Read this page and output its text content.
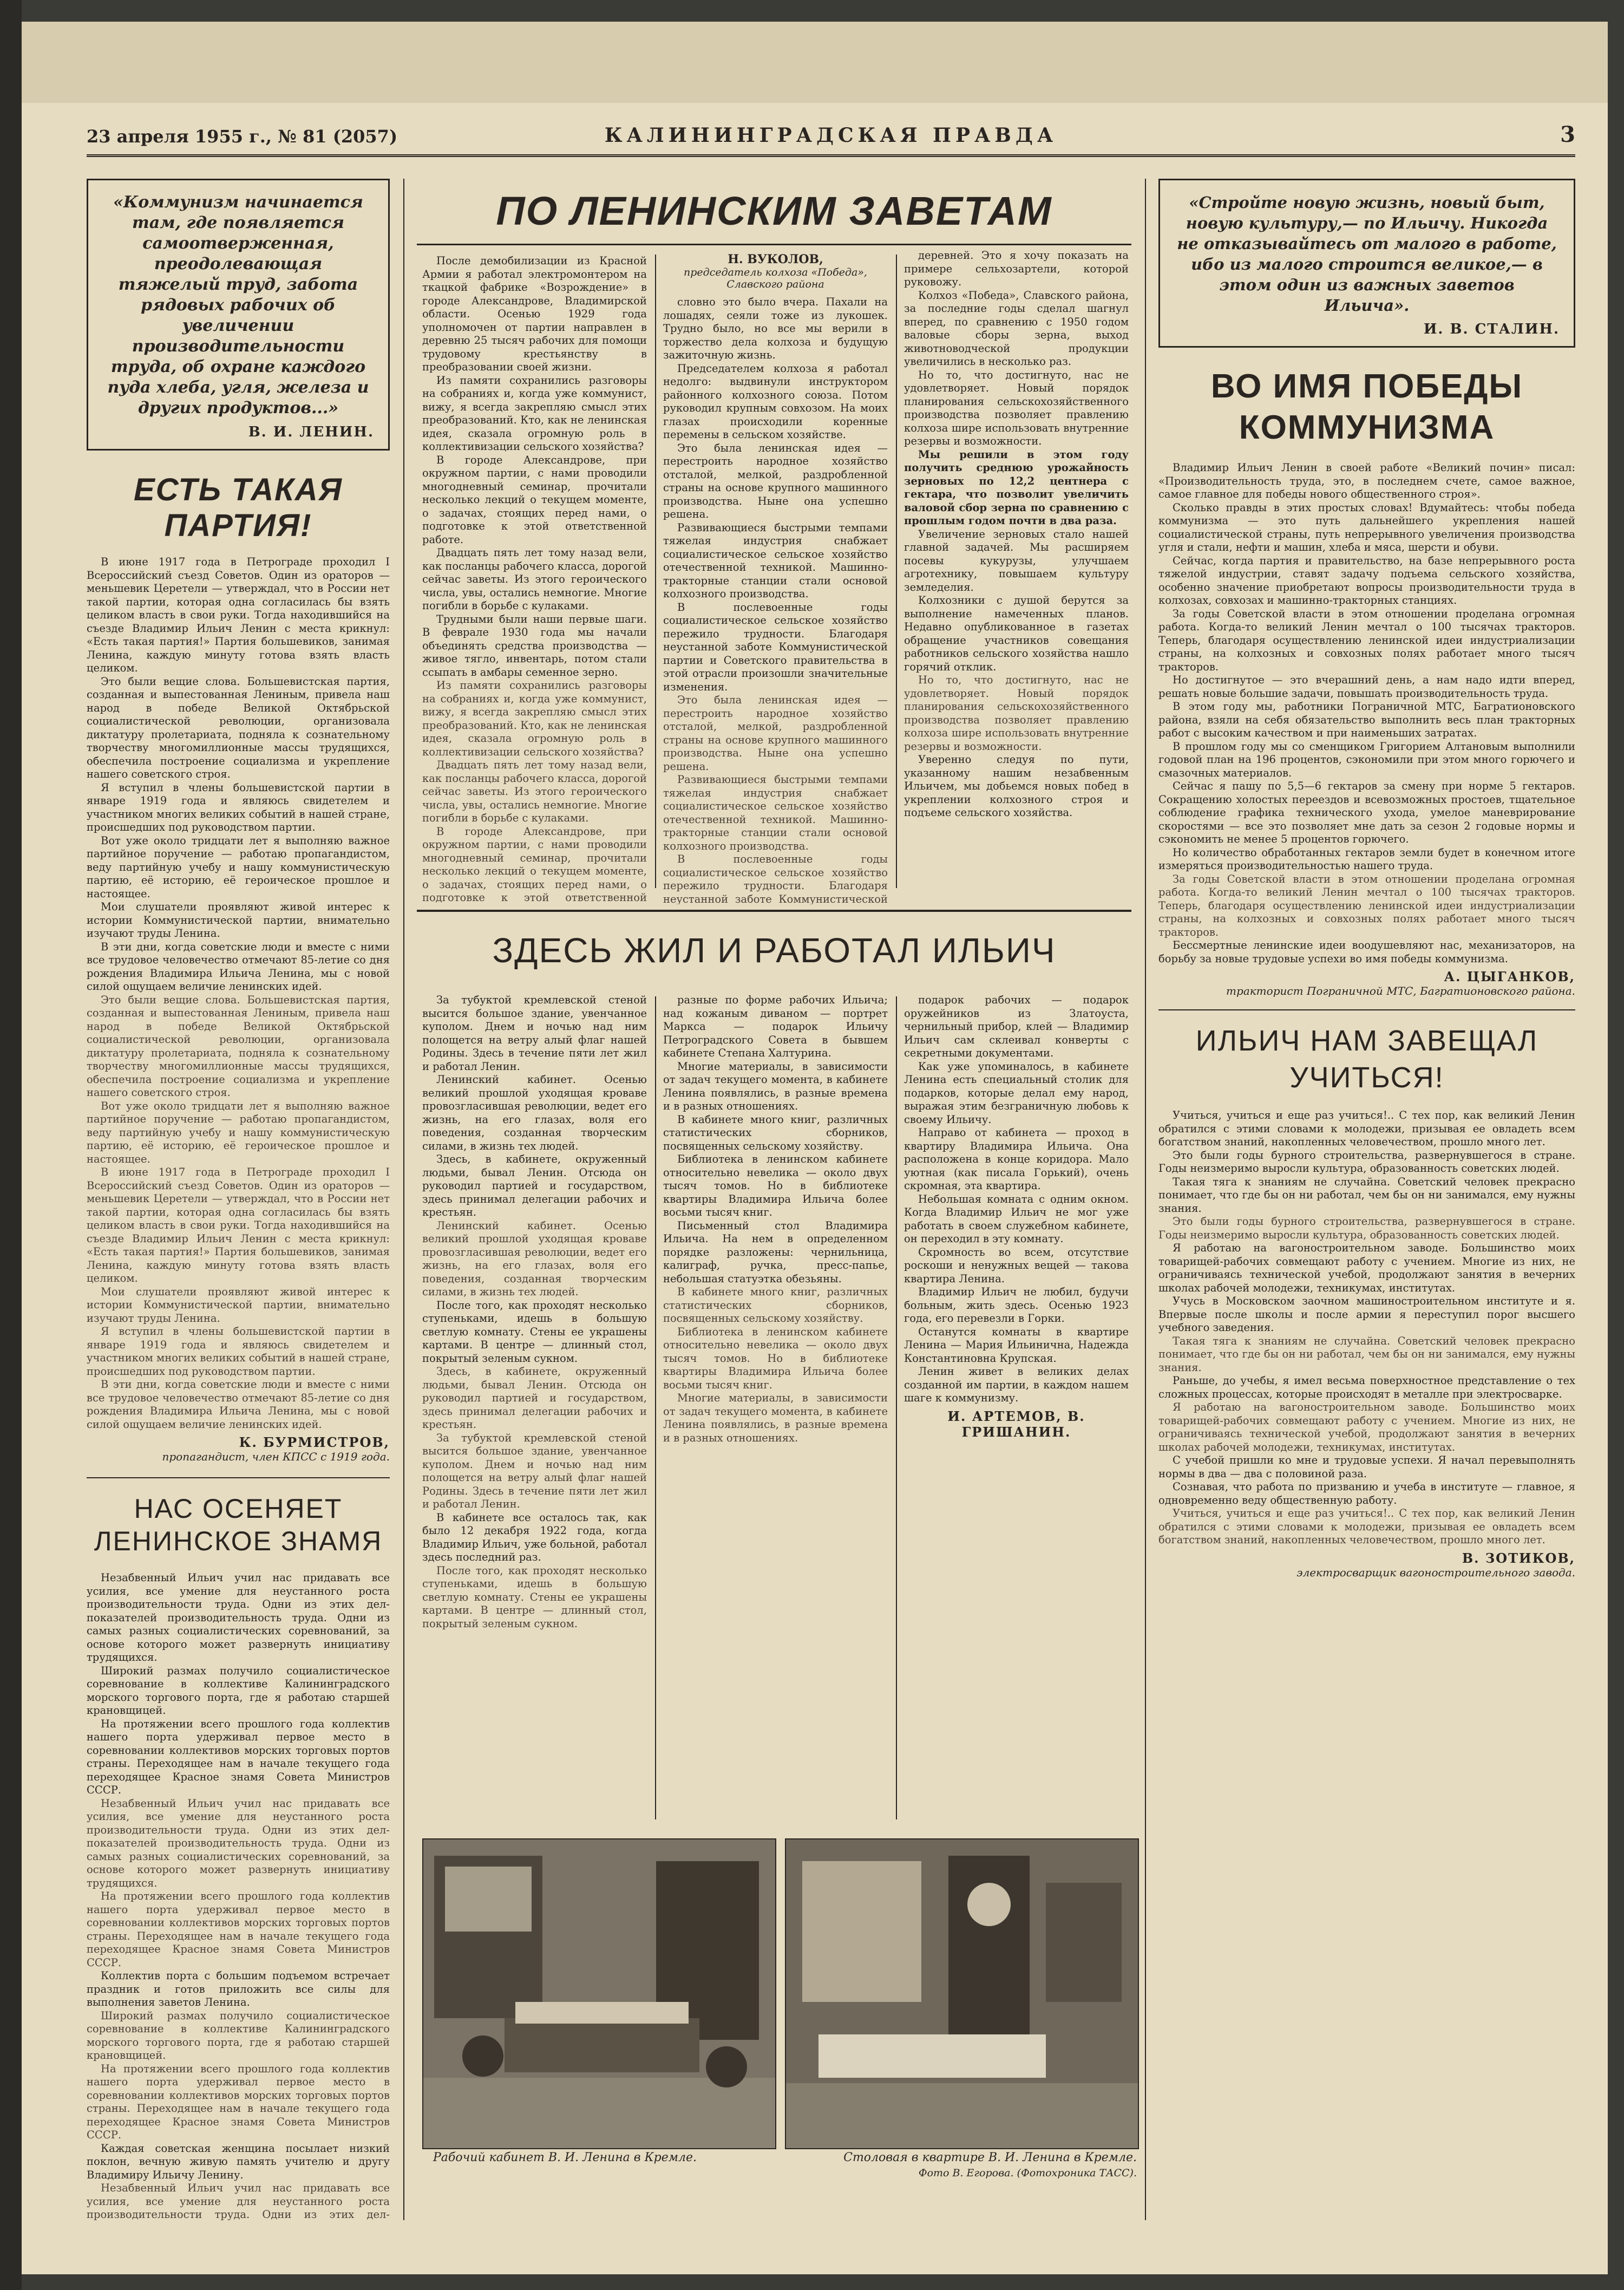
23 апреля 1955 г., № 81 (2057)	КАЛИНИНГРАДСКАЯ ПРАВДА	3

«Коммунизм начинается там, где появляется самоотверженная, преодолевающая тяжелый труд, забота рядовых рабочих об увеличении производительности труда, об охране каждого пуда хлеба, угля, железа и других продуктов...»

В. И. ЛЕНИН.
ЕСТЬ ТАКАЯ ПАРТИЯ!

В июне 1917 года в Петрограде проходил I Всероссийский съезд Советов. Один из ораторов — меньшевик Церетели — утверждал, что в России нет такой партии, которая одна согласилась бы взять целиком власть в свои руки. Тогда находившийся на съезде Владимир Ильич Ленин с места крикнул: «Есть такая партия!» Партия большевиков, занимая Ленина, каждую минуту готова взять власть целиком.

Это были вещие слова. Большевистская партия, созданная и выпестованная Лениным, привела наш народ в победе Великой Октябрьской социалистической революции, организовала диктатуру пролетариата, подняла к сознательному творчеству многомиллионные массы трудящихся, обеспечила построение социализма и укрепление нашего советского строя.

Я вступил в члены большевистской партии в январе 1919 года и являюсь свидетелем и участником многих великих событий в нашей стране, происшедших под руководством партии.

Вот уже около тридцати лет я выполняю важное партийное поручение — работаю пропагандистом, веду партийную учебу и нашу коммунистическую партию, её историю, её героическое прошлое и настоящее.

Мои слушатели проявляют живой интерес к истории Коммунистической партии, внимательно изучают труды Ленина.

В эти дни, когда советские люди и вместе с ними все трудовое человечество отмечают 85-летие со дня рождения Владимира Ильича Ленина, мы с новой силой ощущаем величие ленинских идей.

Это были вещие слова. Большевистская партия, созданная и выпестованная Лениным, привела наш народ в победе Великой Октябрьской социалистической революции, организовала диктатуру пролетариата, подняла к сознательному творчеству многомиллионные массы трудящихся, обеспечила построение социализма и укрепление нашего советского строя.

Вот уже около тридцати лет я выполняю важное партийное поручение — работаю пропагандистом, веду партийную учебу и нашу коммунистическую партию, её историю, её героическое прошлое и настоящее.

В июне 1917 года в Петрограде проходил I Всероссийский съезд Советов. Один из ораторов — меньшевик Церетели — утверждал, что в России нет такой партии, которая одна согласилась бы взять целиком власть в свои руки. Тогда находившийся на съезде Владимир Ильич Ленин с места крикнул: «Есть такая партия!» Партия большевиков, занимая Ленина, каждую минуту готова взять власть целиком.

Мои слушатели проявляют живой интерес к истории Коммунистической партии, внимательно изучают труды Ленина.

Я вступил в члены большевистской партии в январе 1919 года и являюсь свидетелем и участником многих великих событий в нашей стране, происшедших под руководством партии.

В эти дни, когда советские люди и вместе с ними все трудовое человечество отмечают 85-летие со дня рождения Владимира Ильича Ленина, мы с новой силой ощущаем величие ленинских идей.

К. БУРМИСТРОВ,

пропагандист, член КПСС с 1919 года.

НАС ОСЕНЯЕТ ЛЕНИНСКОЕ ЗНАМЯ

Незабвенный Ильич учил нас придавать все усилия, все умение для неустанного роста производительности труда. Одни из этих дел-показателей производительность труда. Одни из самых разных социалистических соревнований, за основе которого может развернуть инициативу трудящихся.

Широкий размах получило социалистическое соревнование в коллективе Калининградского морского торгового порта, где я работаю старшей крановщицей.

На протяжении всего прошлого года коллектив нашего порта удерживал первое место в соревновании коллективов морских торговых портов страны. Переходящее нам в начале текущего года переходящее Красное знамя Совета Министров СССР.

Незабвенный Ильич учил нас придавать все усилия, все умение для неустанного роста производительности труда. Одни из этих дел-показателей производительность труда. Одни из самых разных социалистических соревнований, за основе которого может развернуть инициативу трудящихся.

На протяжении всего прошлого года коллектив нашего порта удерживал первое место в соревновании коллективов морских торговых портов страны. Переходящее нам в начале текущего года переходящее Красное знамя Совета Министров СССР.

Коллектив порта с большим подъемом встречает праздник и готов приложить все силы для выполнения заветов Ленина.

Широкий размах получило социалистическое соревнование в коллективе Калининградского морского торгового порта, где я работаю старшей крановщицей.

На протяжении всего прошлого года коллектив нашего порта удерживал первое место в соревновании коллективов морских торговых портов страны. Переходящее нам в начале текущего года переходящее Красное знамя Совета Министров СССР.

Каждая советская женщина посылает низкий поклон, вечную живую память учителю и другу Владимиру Ильичу Ленину.

Незабвенный Ильич учил нас придавать все усилия, все умение для неустанного роста производительности труда. Одни из этих дел-

ПО ЛЕНИНСКИМ ЗАВЕТАМ

После демобилизации из Красной Армии я работал электромонтером на ткацкой фабрике «Возрождение» в городе Александрове, Владимирской области. Осенью 1929 года уполномочен от партии направлен в деревню 25 тысяч рабочих для помощи трудовому крестьянству в преобразовании своей жизни.

Из памяти сохранились разговоры на собраниях и, когда уже коммунист, вижу, я всегда закрепляю смысл этих преобразований. Кто, как не ленинская идея, сказала огромную роль в коллективизации сельского хозяйства?

В городе Александрове, при окружном партии, с нами проводили многодневный семинар, прочитали несколько лекций о текущем моменте, о задачах, стоящих перед нами, о подготовке к этой ответственной работе.

Двадцать пять лет тому назад вели, как посланцы рабочего класса, дорогой сейчас заветы. Из этого героического числа, увы, остались немногие. Многие погибли в борьбе с кулаками.

Трудными были наши первые шаги. В феврале 1930 года мы начали объединять средства производства — живое тягло, инвентарь, потом стали ссыпать в амбары семенное зерно.

Из памяти сохранились разговоры на собраниях и, когда уже коммунист, вижу, я всегда закрепляю смысл этих преобразований. Кто, как не ленинская идея, сказала огромную роль в коллективизации сельского хозяйства?

Двадцать пять лет тому назад вели, как посланцы рабочего класса, дорогой сейчас заветы. Из этого героического числа, увы, остались немногие. Многие погибли в борьбе с кулаками.

В городе Александрове, при окружном партии, с нами проводили многодневный семинар, прочитали несколько лекций о текущем моменте, о задачах, стоящих перед нами, о подготовке к этой ответственной

Н. ВУКОЛОВ,

председатель колхоза «Победа», Славского района

словно это было вчера. Пахали на лошадях, сеяли тоже из лукошек. Трудно было, но все мы верили в торжество дела колхоза и будущую зажиточную жизнь.

Председателем колхоза я работал недолго: выдвинули инструктором районного колхозного союза. Потом руководил крупным совхозом. На моих глазах происходили коренные перемены в сельском хозяйстве.

Это была ленинская идея — перестроить народное хозяйство отсталой, мелкой, раздробленной страны на основе крупного машинного производства. Ныне она успешно решена.

Развивающиеся быстрыми темпами тяжелая индустрия снабжает социалистическое сельское хозяйство отечественной техникой. Машинно-тракторные станции стали основой колхозного производства.

В послевоенные годы социалистическое сельское хозяйство пережило трудности. Благодаря неустанной заботе Коммунистической партии и Советского правительства в этой отрасли произошли значительные изменения.

Это была ленинская идея — перестроить народное хозяйство отсталой, мелкой, раздробленной страны на основе крупного машинного производства. Ныне она успешно решена.

Развивающиеся быстрыми темпами тяжелая индустрия снабжает социалистическое сельское хозяйство отечественной техникой. Машинно-тракторные станции стали основой колхозного производства.

В послевоенные годы социалистическое сельское хозяйство пережило трудности. Благодаря неустанной заботе Коммунистической

деревней. Это я хочу показать на примере сельхозартели, которой руковожу.

Колхоз «Победа», Славского района, за последние годы сделал шагнул вперед, по сравнению с 1950 годом валовые сборы зерна, выход животноводческой продукции увеличились в несколько раз.

Но то, что достигнуто, нас не удовлетворяет. Новый порядок планирования сельскохозяйственного производства позволяет правлению колхоза шире использовать внутренние резервы и возможности.

Мы решили в этом году получить среднюю урожайность зерновых по 12,2 центнера с гектара, что позволит увеличить валовой сбор зерна по сравнению с прошлым годом почти в два раза.

Увеличение зерновых стало нашей главной задачей. Мы расширяем посевы кукурузы, улучшаем агротехнику, повышаем культуру земледелия.

Колхозники с душой берутся за выполнение намеченных планов. Недавно опубликованное в газетах обращение участников совещания работников сельского хозяйства нашло горячий отклик.

Но то, что достигнуто, нас не удовлетворяет. Новый порядок планирования сельскохозяйственного производства позволяет правлению колхоза шире использовать внутренние резервы и возможности.

Уверенно следуя по пути, указанному нашим незабвенным Ильичем, мы добьемся новых побед в укреплении колхозного строя и подъеме сельского хозяйства.

ЗДЕСЬ ЖИЛ И РАБОТАЛ ИЛЬИЧ

За тубуктой кремлевской стеной высится большое здание, увенчанное куполом. Днем и ночью над ним полощется на ветру алый флаг нашей Родины. Здесь в течение пяти лет жил и работал Ленин.

Ленинский кабинет. Осенью великий прошлой уходящая кроваве провозгласившая революции, ведет его жизнь, на его глазах, воля его поведения, созданная творческим силами, в жизнь тех людей.

Здесь, в кабинете, окруженный людьми, бывал Ленин. Отсюда он руководил партией и государством, здесь принимал делегации рабочих и крестьян.

Ленинский кабинет. Осенью великий прошлой уходящая кроваве провозгласившая революции, ведет его жизнь, на его глазах, воля его поведения, созданная творческим силами, в жизнь тех людей.

После того, как проходят несколько ступеньками, идешь в большую светлую комнату. Стены ее украшены картами. В центре — длинный стол, покрытый зеленым сукном.

Здесь, в кабинете, окруженный людьми, бывал Ленин. Отсюда он руководил партией и государством, здесь принимал делегации рабочих и крестьян.

За тубуктой кремлевской стеной высится большое здание, увенчанное куполом. Днем и ночью над ним полощется на ветру алый флаг нашей Родины. Здесь в течение пяти лет жил и работал Ленин.

В кабинете все осталось так, как было 12 декабря 1922 года, когда Владимир Ильич, уже больной, работал здесь последний раз.

После того, как проходят несколько ступеньками, идешь в большую светлую комнату. Стены ее украшены картами. В центре — длинный стол, покрытый зеленым сукном.

разные по форме рабочих Ильича; над кожаным диваном — портрет Маркса — подарок Ильичу Петроградского Совета в бывшем кабинете Степана Халтурина.

Многие материалы, в зависимости от задач текущего момента, в кабинете Ленина появлялись, в разные времена и в разных отношениях.

В кабинете много книг, различных статистических сборников, посвященных сельскому хозяйству.

Библиотека в ленинском кабинете относительно невелика — около двух тысяч томов. Но в библиотеке квартиры Владимира Ильича более восьми тысяч книг.

Письменный стол Владимира Ильича. На нем в определенном порядке разложены: чернильница, калиграф, ручка, пресс-папье, небольшая статуэтка обезьяны.

В кабинете много книг, различных статистических сборников, посвященных сельскому хозяйству.

Библиотека в ленинском кабинете относительно невелика — около двух тысяч томов. Но в библиотеке квартиры Владимира Ильича более восьми тысяч книг.

Многие материалы, в зависимости от задач текущего момента, в кабинете Ленина появлялись, в разные времена и в разных отношениях.

подарок рабочих — подарок оружейников из Златоуста, чернильный прибор, клей — Владимир Ильич сам склеивал конверты с секретными документами.

Как уже упоминалось, в кабинете Ленина есть специальный столик для подарков, которые делал ему народ, выражая этим безграничную любовь к своему Ильичу.

Направо от кабинета — проход в квартиру Владимира Ильича. Она расположена в конце коридора. Мало уютная (как писала Горький), очень скромная, эта квартира.

Небольшая комната с одним окном. Когда Владимир Ильич не мог уже работать в своем служебном кабинете, он переходил в эту комнату.

Скромность во всем, отсутствие роскоши и ненужных вещей — такова квартира Ленина.

Владимир Ильич не любил, будучи больным, жить здесь. Осенью 1923 года, его перевезли в Горки.

Останутся комнаты в квартире Ленина — Мария Ильинична, Надежда Константиновна Крупская.

Ленин живет в великих делах созданной им партии, в каждом нашем шаге к коммунизму.

И. АРТЕМОВ, В. ГРИШАНИН.

Рабочий кабинет В. И. Ленина в Кремле.	Столовая в квартире В. И. Ленина в Кремле.
Фото В. Егорова. (Фотохроника ТАСС).

«Стройте новую жизнь, новый быт, новую культуру,— по Ильичу. Никогда не отказывайтесь от малого в работе, ибо из малого строится великое,— в этом один из важных заветов Ильича».

И. В. СТАЛИН.
ВО ИМЯ ПОБЕДЫ КОММУНИЗМА

Владимир Ильич Ленин в своей работе «Великий почин» писал: «Производительность труда, это, в последнем счете, самое важное, самое главное для победы нового общественного строя».

Сколько правды в этих простых словах! Вдумайтесь: чтобы победа коммунизма — это путь дальнейшего укрепления нашей социалистической страны, путь непрерывного увеличения производства угля и стали, нефти и машин, хлеба и мяса, шерсти и обуви.

Сейчас, когда партия и правительство, на базе непрерывного роста тяжелой индустрии, ставят задачу подъема сельского хозяйства, особенно значение приобретают вопросы производительности труда в колхозах, совхозах и машинно-тракторных станциях.

За годы Советской власти в этом отношении проделана огромная работа. Когда-то великий Ленин мечтал о 100 тысячах тракторов. Теперь, благодаря осуществлению ленинской идеи индустриализации страны, на колхозных и совхозных полях работает много тысяч тракторов.

Но достигнутое — это вчерашний день, а нам надо идти вперед, решать новые большие задачи, повышать производительность труда.

В этом году мы, работники Пограничной МТС, Багратионовского района, взяли на себя обязательство выполнить весь план тракторных работ с высоким качеством и при наименьших затратах.

В прошлом году мы со сменщиком Григорием Алтановым выполнили годовой план на 196 процентов, сэкономили при этом много горючего и смазочных материалов.

Сейчас я пашу по 5,5—6 гектаров за смену при норме 5 гектаров. Сокращению холостых переездов и всевозможных простоев, тщательное соблюдение графика технического ухода, умелое маневрирование скоростями — все это позволяет мне дать за сезон 2 годовые нормы и сэкономить не менее 5 процентов горючего.

Но количество обработанных гектаров земли будет в конечном итоге измеряться производительностью нашего труда.

За годы Советской власти в этом отношении проделана огромная работа. Когда-то великий Ленин мечтал о 100 тысячах тракторов. Теперь, благодаря осуществлению ленинской идеи индустриализации страны, на колхозных и совхозных полях работает много тысяч тракторов.

Бессмертные ленинские идеи воодушевляют нас, механизаторов, на борьбу за новые трудовые успехи во имя победы коммунизма.

А. ЦЫГАНКОВ,

тракторист Пограничной МТС, Багратионовского района.

ИЛЬИЧ НАМ ЗАВЕЩАЛ УЧИТЬСЯ!

Учиться, учиться и еще раз учиться!.. С тех пор, как великий Ленин обратился с этими словами к молодежи, призывая ее овладеть всем богатством знаний, накопленных человечеством, прошло много лет.

Это были годы бурного строительства, развернувшегося в стране. Годы неизмеримо выросли культура, образованность советских людей.

Такая тяга к знаниям не случайна. Советский человек прекрасно понимает, что где бы он ни работал, чем бы он ни занимался, ему нужны знания.

Это были годы бурного строительства, развернувшегося в стране. Годы неизмеримо выросли культура, образованность советских людей.

Я работаю на вагоностроительном заводе. Большинство моих товарищей-рабочих совмещают работу с учением. Многие из них, не ограничиваясь технической учебой, продолжают занятия в вечерних школах рабочей молодежи, техникумах, институтах.

Учусь в Московском заочном машиностроительном институте и я. Впервые после школы и после армии я переступил порог высшего учебного заведения.

Такая тяга к знаниям не случайна. Советский человек прекрасно понимает, что где бы он ни работал, чем бы он ни занимался, ему нужны знания.

Раньше, до учебы, я имел весьма поверхностное представление о тех сложных процессах, которые происходят в металле при электросварке.

Я работаю на вагоностроительном заводе. Большинство моих товарищей-рабочих совмещают работу с учением. Многие из них, не ограничиваясь технической учебой, продолжают занятия в вечерних школах рабочей молодежи, техникумах, институтах.

С учебой пришли ко мне и трудовые успехи. Я начал перевыполнять нормы в два — два с половиной раза.

Сознавая, что работа по призванию и учеба в институте — главное, я одновременно веду общественную работу.

Учиться, учиться и еще раз учиться!.. С тех пор, как великий Ленин обратился с этими словами к молодежи, призывая ее овладеть всем богатством знаний, накопленных человечеством, прошло много лет.

В. ЗОТИКОВ,

электросварщик вагоностроительного завода.
